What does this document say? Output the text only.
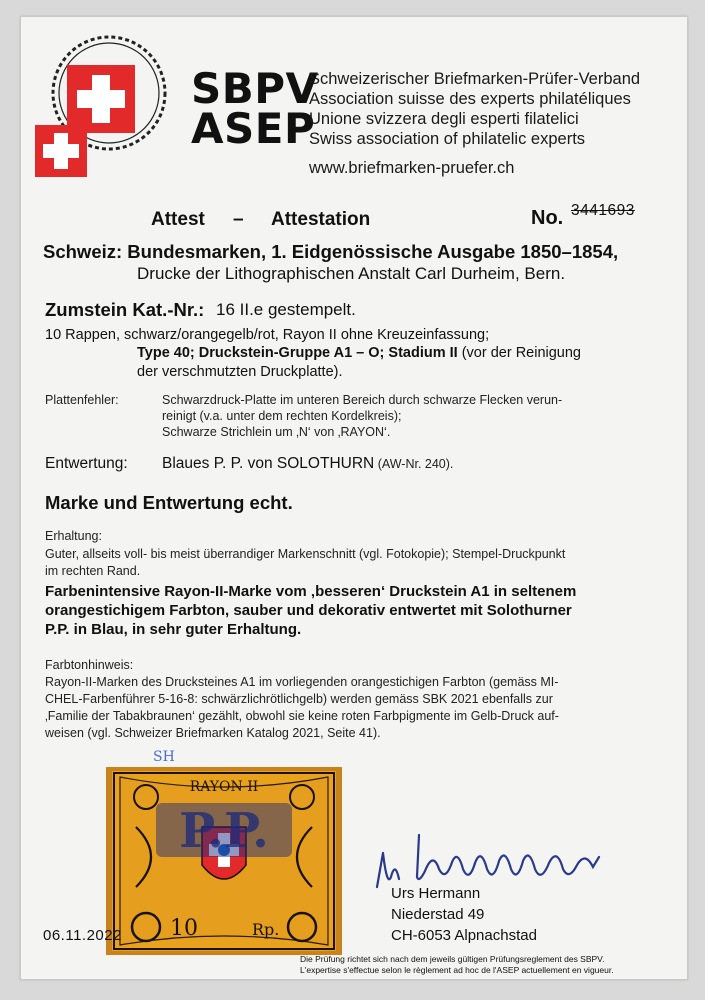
SBPV
ASEP
Schweizerischer Briefmarken-Prüfer-Verband
Association suisse des experts philatéliques
Unione svizzera degli esperti filatelici
Swiss association of philatelic experts
www.briefmarken-pruefer.ch
Attest – Attestation	No. 3441693
Schweiz: Bundesmarken, 1. Eidgenössische Ausgabe 1850–1854,
Drucke der Lithographischen Anstalt Carl Durheim, Bern.
Zumstein Kat.-Nr.: 16 II.e gestempelt.
10 Rappen, schwarz/orangegelb/rot, Rayon II ohne Kreuzeinfassung;
Type 40; Druckstein-Gruppe A1 – O; Stadium II (vor der Reinigung
der verschmutzten Druckplatte).
Plattenfehler:	Schwarzdruck-Platte im unteren Bereich durch schwarze Flecken verun-
reinigt (v.a. unter dem rechten Kordelkreis);
Schwarze Strichlein um ‚N‘ von ‚RAYON‘.
Entwertung: Blaues P. P. von SOLOTHURN (AW-Nr. 240).
Marke und Entwertung echt.
Erhaltung:
Guter, allseits voll- bis meist überrandiger Markenschnitt (vgl. Fotokopie); Stempel-Druckpunkt
im rechten Rand.
Farbenintensive Rayon-II-Marke vom ‚besseren‘ Druckstein A1 in seltenem
orangestichigem Farbton, sauber und dekorativ entwertet mit Solothurner
P.P. in Blau, in sehr guter Erhaltung.
Farbtonhinweis:
Rayon-II-Marken des Drucksteines A1 im vorliegenden orangestichigen Farbton (gemäss MI-
CHEL-Farbenführer 5-16-8: schwärzlichrötlichgelb) werden gemäss SBK 2021 ebenfalls zur
‚Familie der Tabakbraunen‘ gezählt, obwohl sie keine roten Farbpigmente im Gelb-Druck auf-
weisen (vgl. Schweizer Briefmarken Katalog 2021, Seite 41).
SH
P.P.
RAYON II
10	Rp.
06.11.2022
Urs Hermann
Niederstad 49
CH-6053 Alpnachstad
Die Prüfung richtet sich nach dem jeweils gültigen Prüfungsreglement des SBPV.
L'expertise s'effectue selon le règlement ad hoc de l'ASEP actuellement en vigueur.
